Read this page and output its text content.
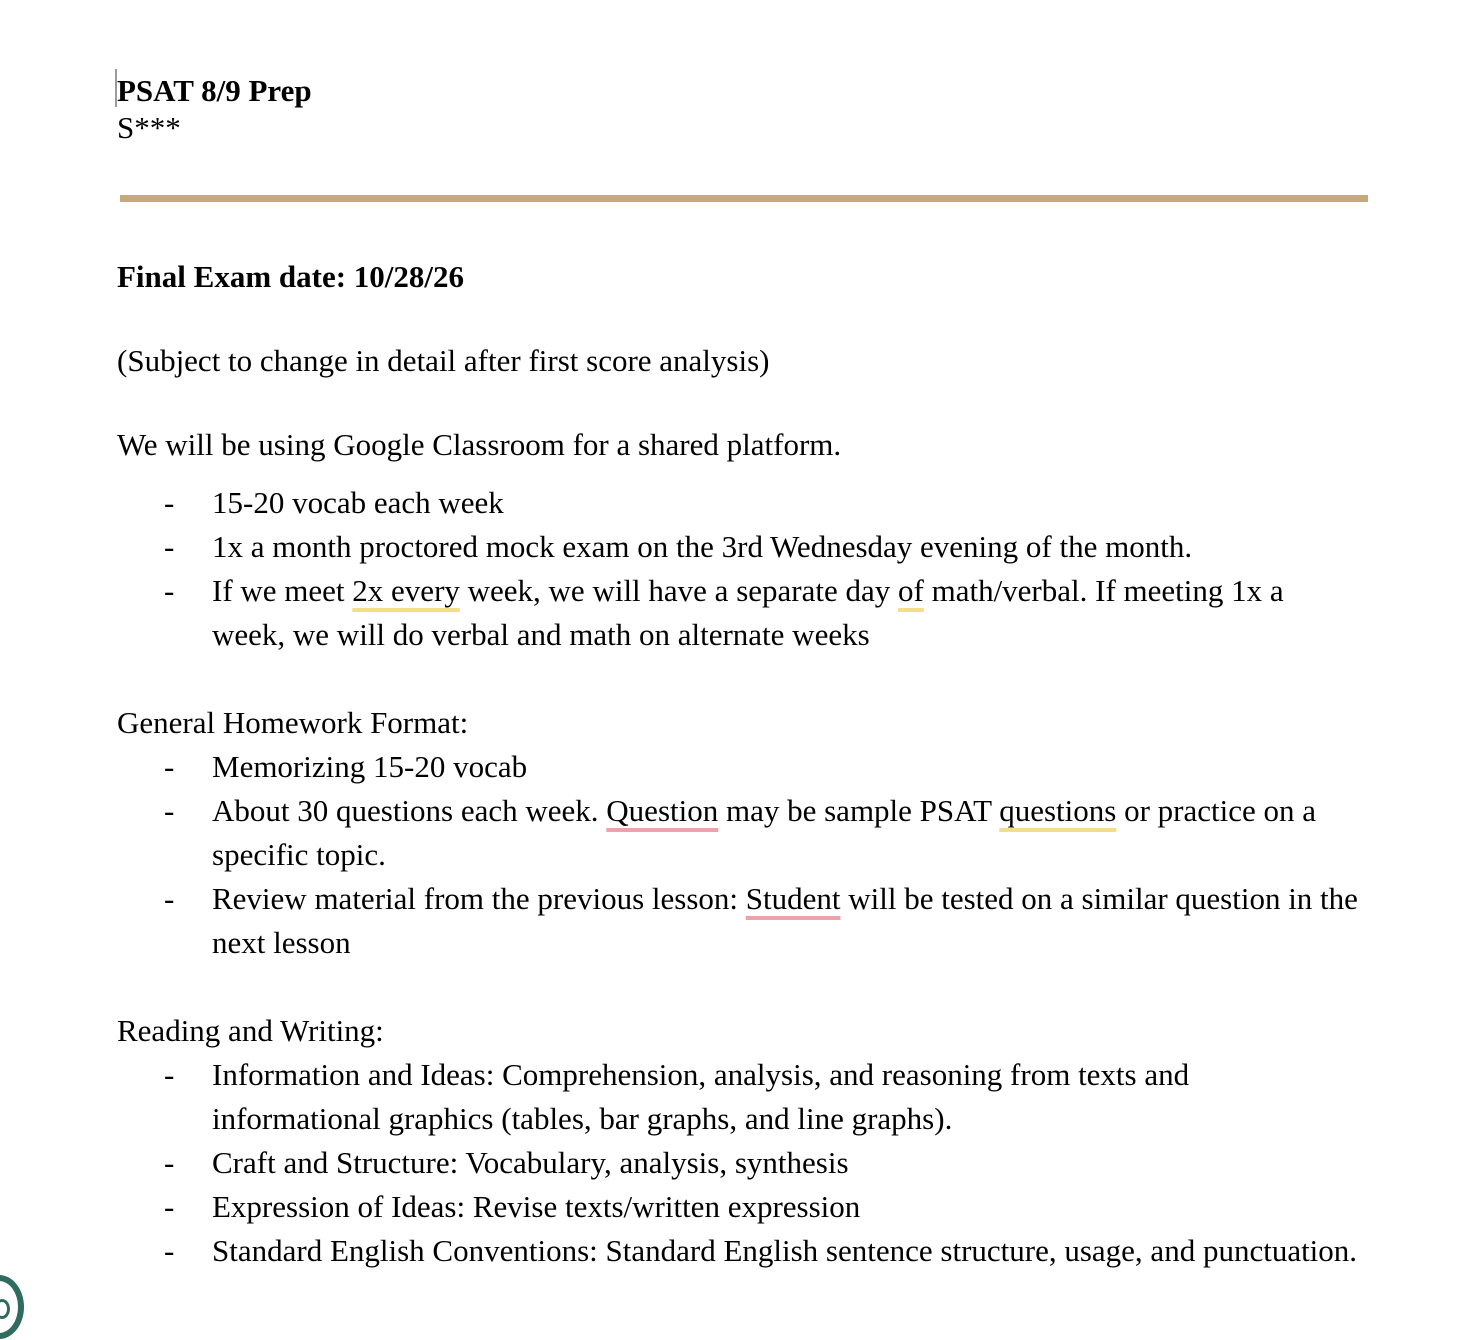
PSAT 8/9 Prep
S***
Final Exam date: 10/28/26
(Subject to change in detail after first score analysis)
We will be using Google Classroom for a shared platform.
- 15-20 vocab each week
- 1x a month proctored mock exam on the 3rd Wednesday evening of the month.
- If we meet 2x every week, we will have a separate day of math/verbal. If meeting 1x a week, we will do verbal and math on alternate weeks
General Homework Format:
- Memorizing 15-20 vocab
- About 30 questions each week. Question may be sample PSAT questions or practice on a specific topic.
- Review material from the previous lesson: Student will be tested on a similar question in the next lesson
Reading and Writing:
- Information and Ideas: Comprehension, analysis, and reasoning from texts and informational graphics (tables, bar graphs, and line graphs).
- Craft and Structure: Vocabulary, analysis, synthesis
- Expression of Ideas: Revise texts/written expression
- Standard English Conventions: Standard English sentence structure, usage, and punctuation.
